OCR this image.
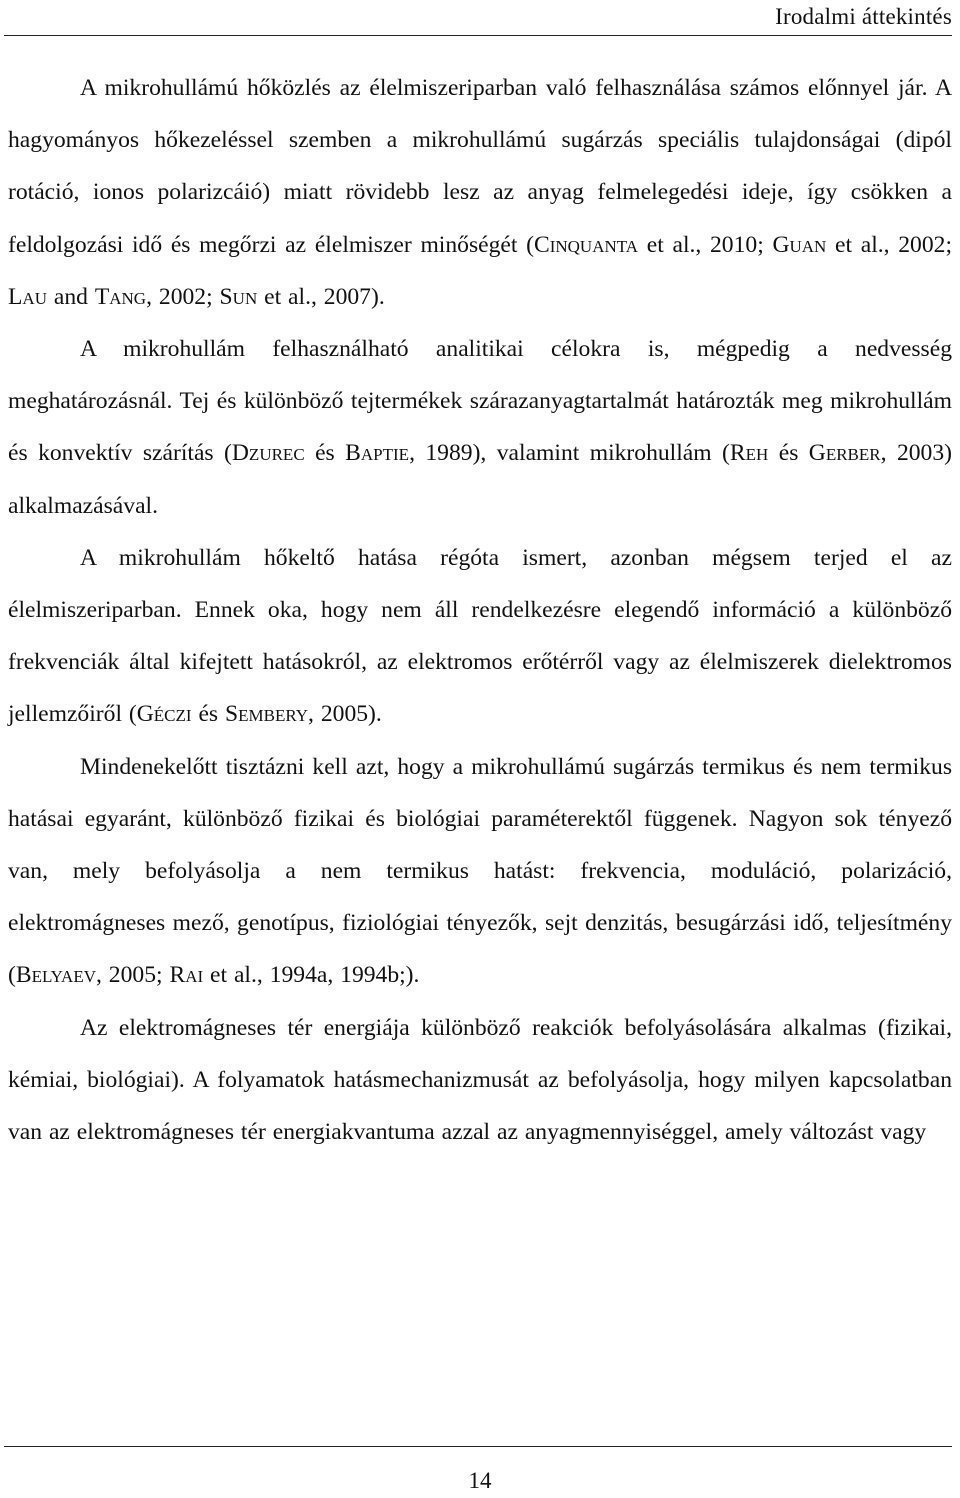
Irodalmi áttekintés

A mikrohullámú hőközlés az élelmiszeriparban való felhasználása számos előnnyel jár. A hagyományos hőkezeléssel szemben a mikrohullámú sugárzás speciális tulajdonságai (dipól rotáció, ionos polarizcáió) miatt rövidebb lesz az anyag felmelegedési ideje, így csökken a feldolgozási idő és megőrzi az élelmiszer minőségét (Cinquanta et al., 2010; Guan et al., 2002; Lau and Tang, 2002; Sun et al., 2007).

A mikrohullám felhasználható analitikai célokra is, mégpedig a nedvesség meghatározásnál. Tej és különböző tejtermékek szárazanyagtartalmát határozták meg mikrohullám és konvektív szárítás (Dzurec és Baptie, 1989), valamint mikrohullám (Reh és Gerber, 2003) alkalmazásával.

A mikrohullám hőkeltő hatása régóta ismert, azonban mégsem terjed el az élelmiszeriparban. Ennek oka, hogy nem áll rendelkezésre elegendő információ a különböző frekvenciák által kifejtett hatásokról, az elektromos erőtérről vagy az élelmiszerek dielektromos jellemzőiről (Géczi és Sembery, 2005).

Mindenekelőtt tisztázni kell azt, hogy a mikrohullámú sugárzás termikus és nem termikus hatásai egyaránt, különböző fizikai és biológiai paraméterektől függenek. Nagyon sok tényező van, mely befolyásolja a nem termikus hatást: frekvencia, moduláció, polarizáció, elektromágneses mező, genotípus, fiziológiai tényezők, sejt denzitás, besugárzási idő, teljesítmény (Belyaev, 2005; Rai et al., 1994a, 1994b;).

Az elektromágneses tér energiája különböző reakciók befolyásolására alkalmas (fizikai, kémiai, biológiai). A folyamatok hatásmechanizmusát az befolyásolja, hogy milyen kapcsolatban van az elektromágneses tér energiakvantuma azzal az anyagmennyiséggel, amely változást vagy

14
